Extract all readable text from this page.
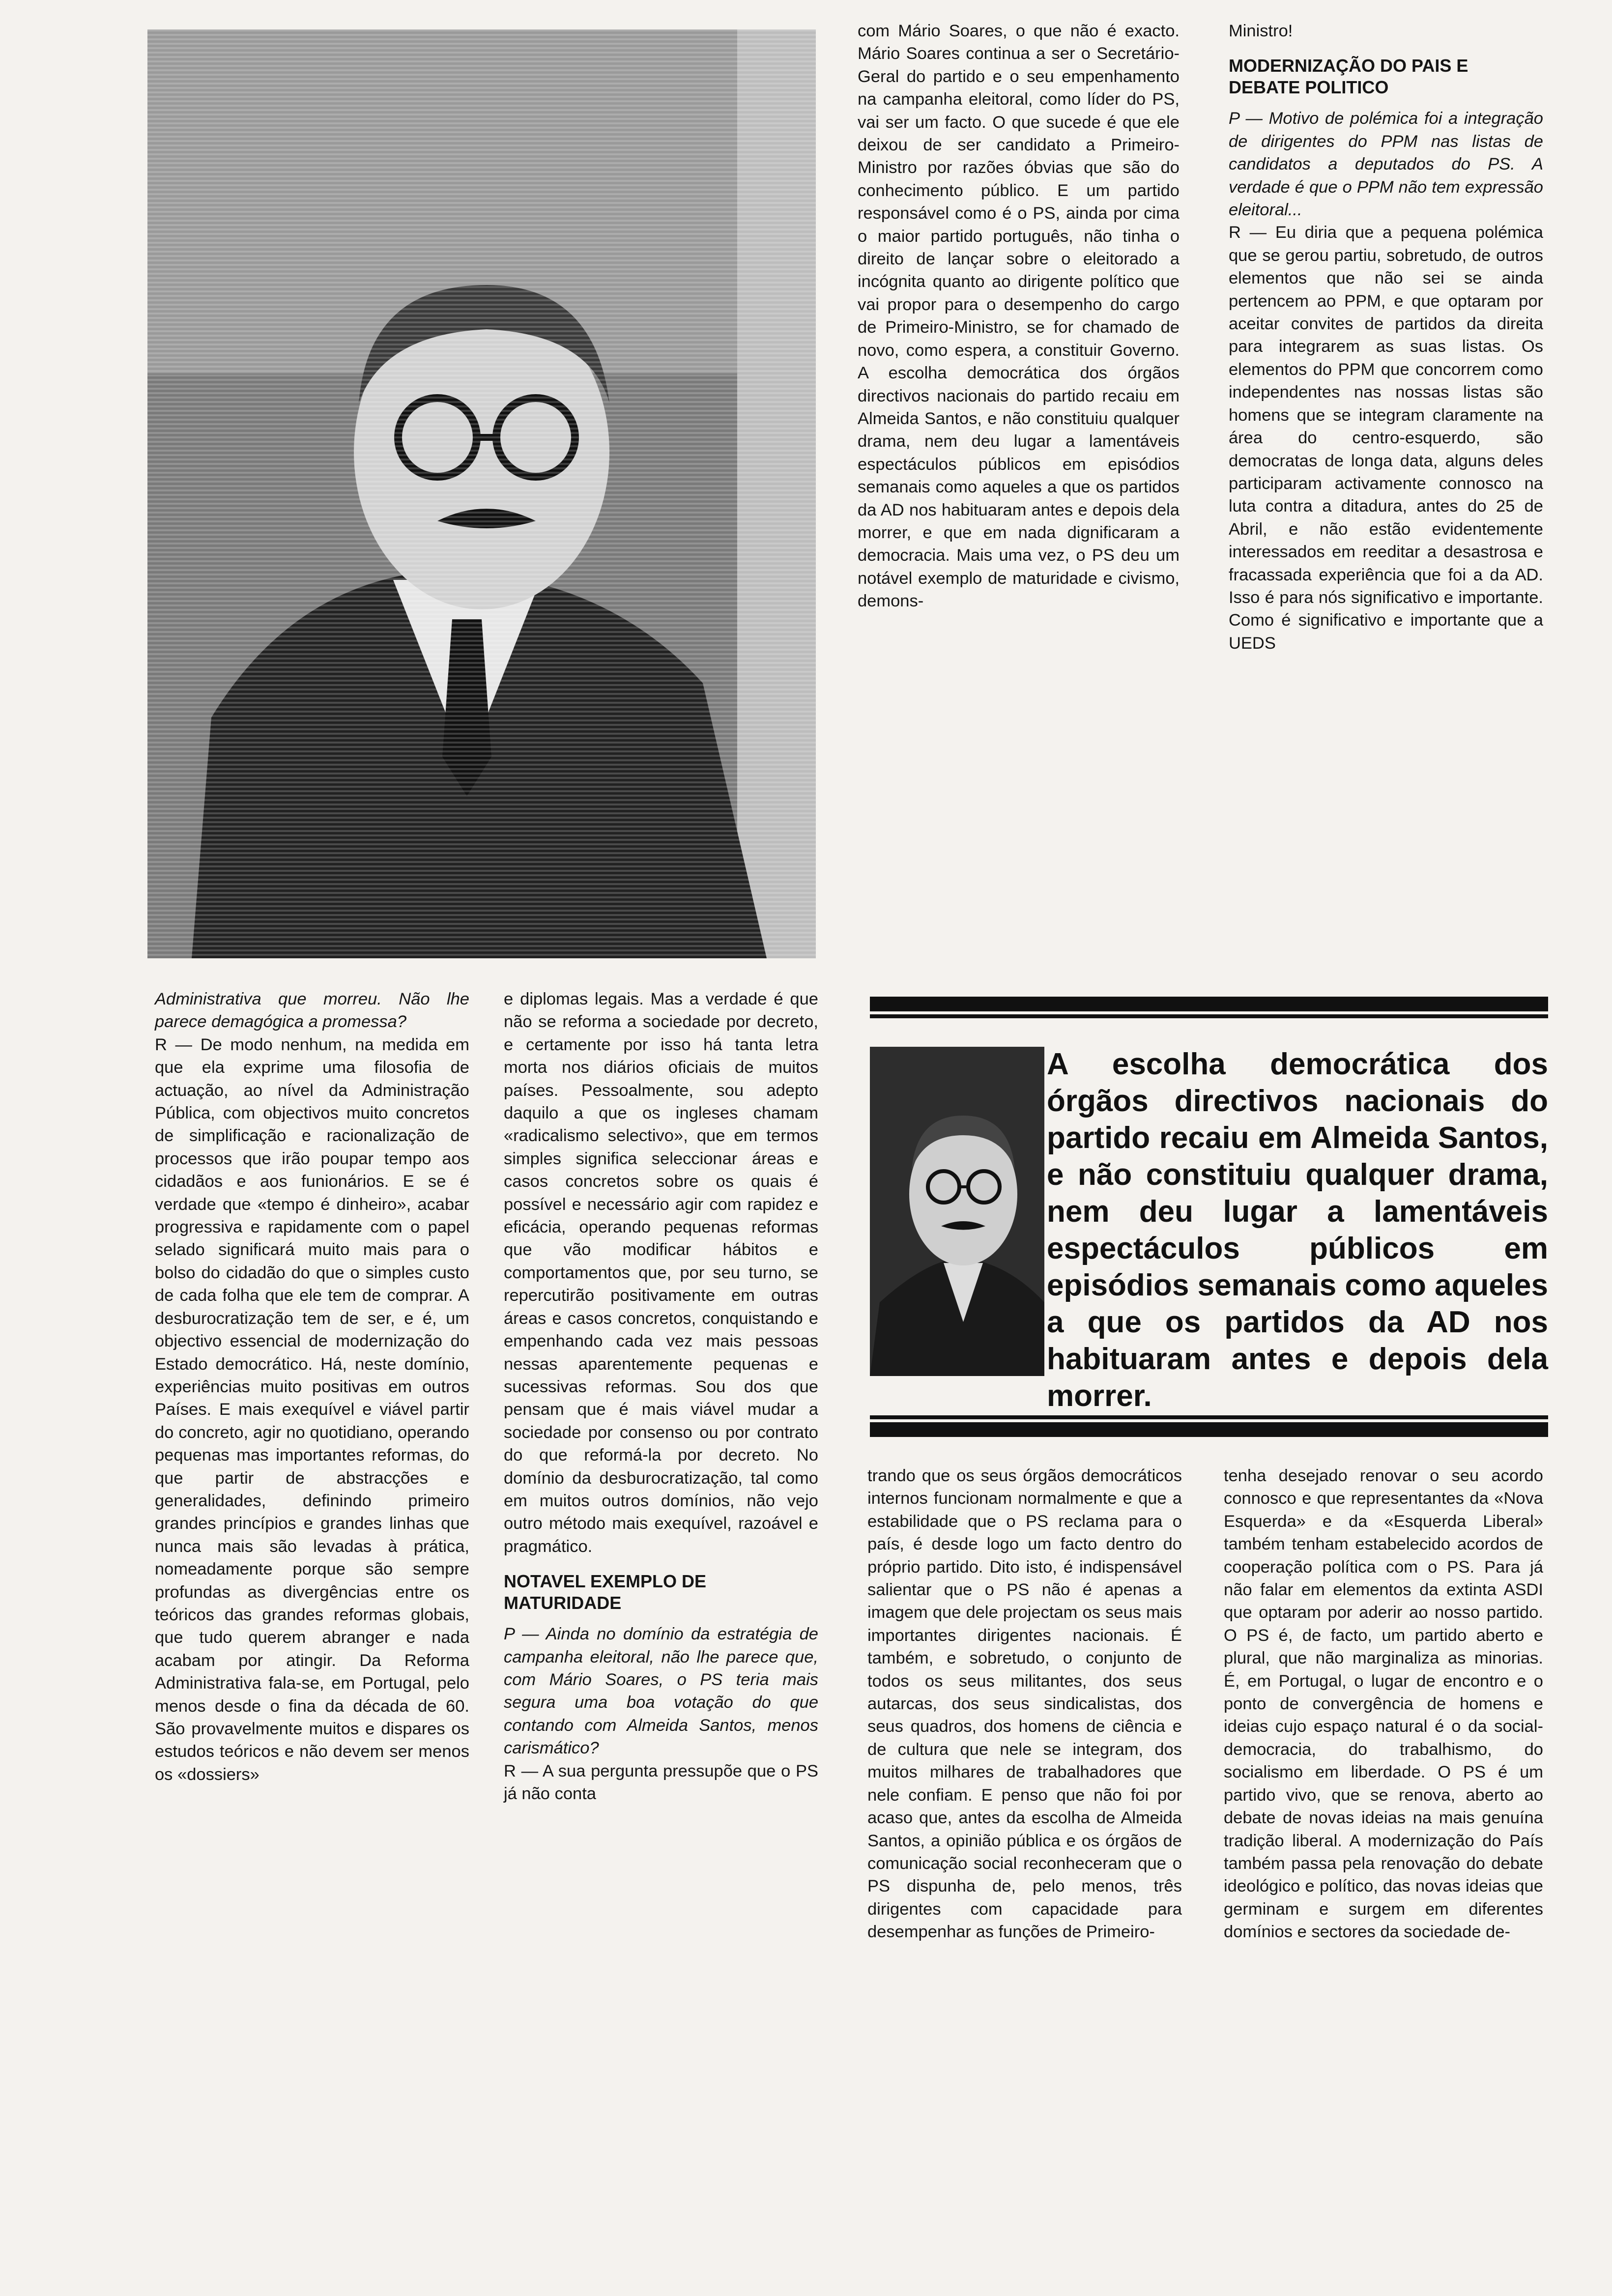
com Mário Soares, o que não é exacto. Mário Soares continua a ser o Secretário-Geral do partido e o seu empenhamento na campanha eleitoral, como líder do PS, vai ser um facto. O que sucede é que ele deixou de ser candidato a Primeiro-Ministro por razões óbvias que são do conhecimento público. E um partido responsável como é o PS, ainda por cima o maior partido português, não tinha o direito de lançar sobre o eleitorado a incógnita quanto ao dirigente político que vai propor para o desempenho do cargo de Primeiro-Ministro, se for chamado de novo, como espera, a constituir Governo. A escolha democrática dos órgãos directivos nacionais do partido recaiu em Almeida Santos, e não constituiu qualquer drama, nem deu lugar a lamentáveis espectáculos públicos em episódios semanais como aqueles a que os partidos da AD nos habituaram antes e depois dela morrer, e que em nada dignificaram a democracia. Mais uma vez, o PS deu um notável exemplo de maturidade e civismo, demons-

Ministro!

MODERNIZAÇÃO DO PAIS E DEBATE POLITICO

P — Motivo de polémica foi a integração de dirigentes do PPM nas listas de candidatos a deputados do PS. A verdade é que o PPM não tem expressão eleitoral...

R — Eu diria que a pequena polémica que se gerou partiu, sobretudo, de outros elementos que não sei se ainda pertencem ao PPM, e que optaram por aceitar convites de partidos da direita para integrarem as suas listas. Os elementos do PPM que concorrem como independentes nas nossas listas são homens que se integram claramente na área do centro-esquerdo, são democratas de longa data, alguns deles participaram activamente connosco na luta contra a ditadura, antes do 25 de Abril, e não estão evidentemente interessados em reeditar a desastrosa e fracassada experiência que foi a da AD. Isso é para nós significativo e importante. Como é significativo e importante que a UEDS

A escolha democrática dos órgãos directivos nacionais do partido recaiu em Almeida Santos, e não constituiu qualquer drama, nem deu lugar a lamentáveis espectáculos públicos em episódios semanais como aqueles a que os partidos da AD nos habituaram antes e depois dela morrer.

Administrativa que morreu. Não lhe parece demagógica a promessa?

R — De modo nenhum, na medida em que ela exprime uma filosofia de actuação, ao nível da Administração Pública, com objectivos muito concretos de simplificação e racionalização de processos que irão poupar tempo aos cidadãos e aos funionários. E se é verdade que «tempo é dinheiro», acabar progressiva e rapidamente com o papel selado significará muito mais para o bolso do cidadão do que o simples custo de cada folha que ele tem de comprar. A desburocratização tem de ser, e é, um objectivo essencial de modernização do Estado democrático. Há, neste domínio, experiências muito positivas em outros Países. E mais exequível e viável partir do concreto, agir no quotidiano, operando pequenas mas importantes reformas, do que partir de abstracções e generalidades, definindo primeiro grandes princípios e grandes linhas que nunca mais são levadas à prática, nomeadamente porque são sempre profundas as divergências entre os teóricos das grandes reformas globais, que tudo querem abranger e nada acabam por atingir. Da Reforma Administrativa fala-se, em Portugal, pelo menos desde o fina da década de 60. São provavelmente muitos e dispares os estudos teóricos e não devem ser menos os «dossiers»

e diplomas legais. Mas a verdade é que não se reforma a sociedade por decreto, e certamente por isso há tanta letra morta nos diários oficiais de muitos países. Pessoalmente, sou adepto daquilo a que os ingleses chamam «radicalismo selectivo», que em termos simples significa seleccionar áreas e casos concretos sobre os quais é possível e necessário agir com rapidez e eficácia, operando pequenas reformas que vão modificar hábitos e comportamentos que, por seu turno, se repercutirão positivamente em outras áreas e casos concretos, conquistando e empenhando cada vez mais pessoas nessas aparentemente pequenas e sucessivas reformas. Sou dos que pensam que é mais viável mudar a sociedade por consenso ou por contrato do que reformá-la por decreto. No domínio da desburocratização, tal como em muitos outros domínios, não vejo outro método mais exequível, razoável e pragmático.

NOTAVEL EXEMPLO DE MATURIDADE

P — Ainda no domínio da estratégia de campanha eleitoral, não lhe parece que, com Mário Soares, o PS teria mais segura uma boa votação do que contando com Almeida Santos, menos carismático?

R — A sua pergunta pressupõe que o PS já não conta

trando que os seus órgãos democráticos internos funcionam normalmente e que a estabilidade que o PS reclama para o país, é desde logo um facto dentro do próprio partido. Dito isto, é indispensável salientar que o PS não é apenas a imagem que dele projectam os seus mais importantes dirigentes nacionais. É também, e sobretudo, o conjunto de todos os seus militantes, dos seus autarcas, dos seus sindicalistas, dos seus quadros, dos homens de ciência e de cultura que nele se integram, dos muitos milhares de trabalhadores que nele confiam. E penso que não foi por acaso que, antes da escolha de Almeida Santos, a opinião pública e os órgãos de comunicação social reconheceram que o PS dispunha de, pelo menos, três dirigentes com capacidade para desempenhar as funções de Primeiro-

tenha desejado renovar o seu acordo connosco e que representantes da «Nova Esquerda» e da «Esquerda Liberal» também tenham estabelecido acordos de cooperação política com o PS. Para já não falar em elementos da extinta ASDI que optaram por aderir ao nosso partido. O PS é, de facto, um partido aberto e plural, que não marginaliza as minorias. É, em Portugal, o lugar de encontro e o ponto de convergência de homens e ideias cujo espaço natural é o da social-democracia, do trabalhismo, do socialismo em liberdade. O PS é um partido vivo, que se renova, aberto ao debate de novas ideias na mais genuína tradição liberal. A modernização do País também passa pela renovação do debate ideológico e político, das novas ideias que germinam e surgem em diferentes domínios e sectores da sociedade de-
